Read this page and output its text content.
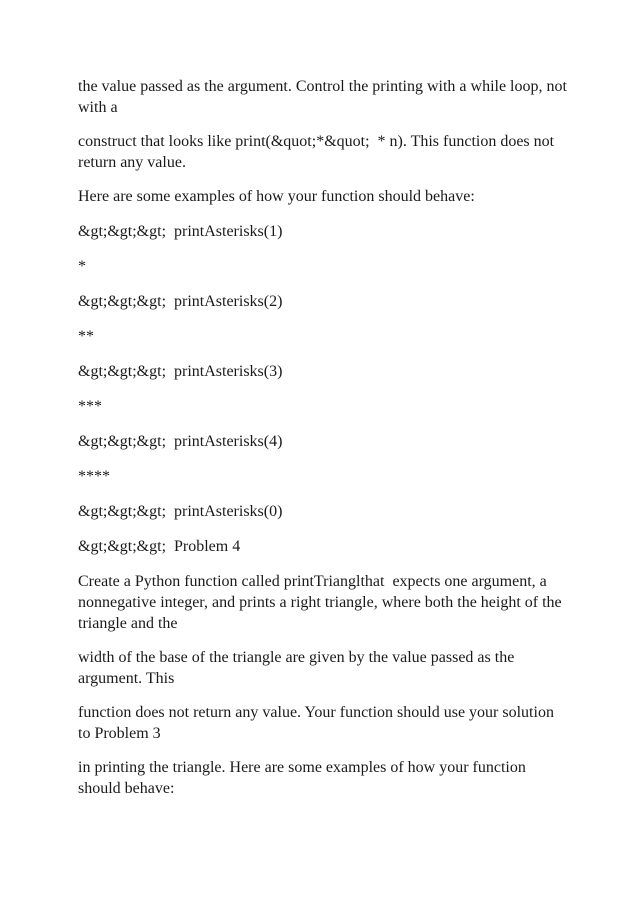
the value passed as the argument. Control the printing with a while loop, not with a

construct that looks like print(&quot;*&quot;  * n). This function does not return any value.

Here are some examples of how your function should behave:

&gt;&gt;&gt;  printAsterisks(1)

*

&gt;&gt;&gt;  printAsterisks(2)

**

&gt;&gt;&gt;  printAsterisks(3)

***

&gt;&gt;&gt;  printAsterisks(4)

****

&gt;&gt;&gt;  printAsterisks(0)

&gt;&gt;&gt;  Problem 4

Create a Python function called printTrianglthat  expects one argument, a nonnegative integer, and prints a right triangle, where both the height of the triangle and the

width of the base of the triangle are given by the value passed as the argument. This

function does not return any value. Your function should use your solution to Problem 3

in printing the triangle. Here are some examples of how your function should behave:
